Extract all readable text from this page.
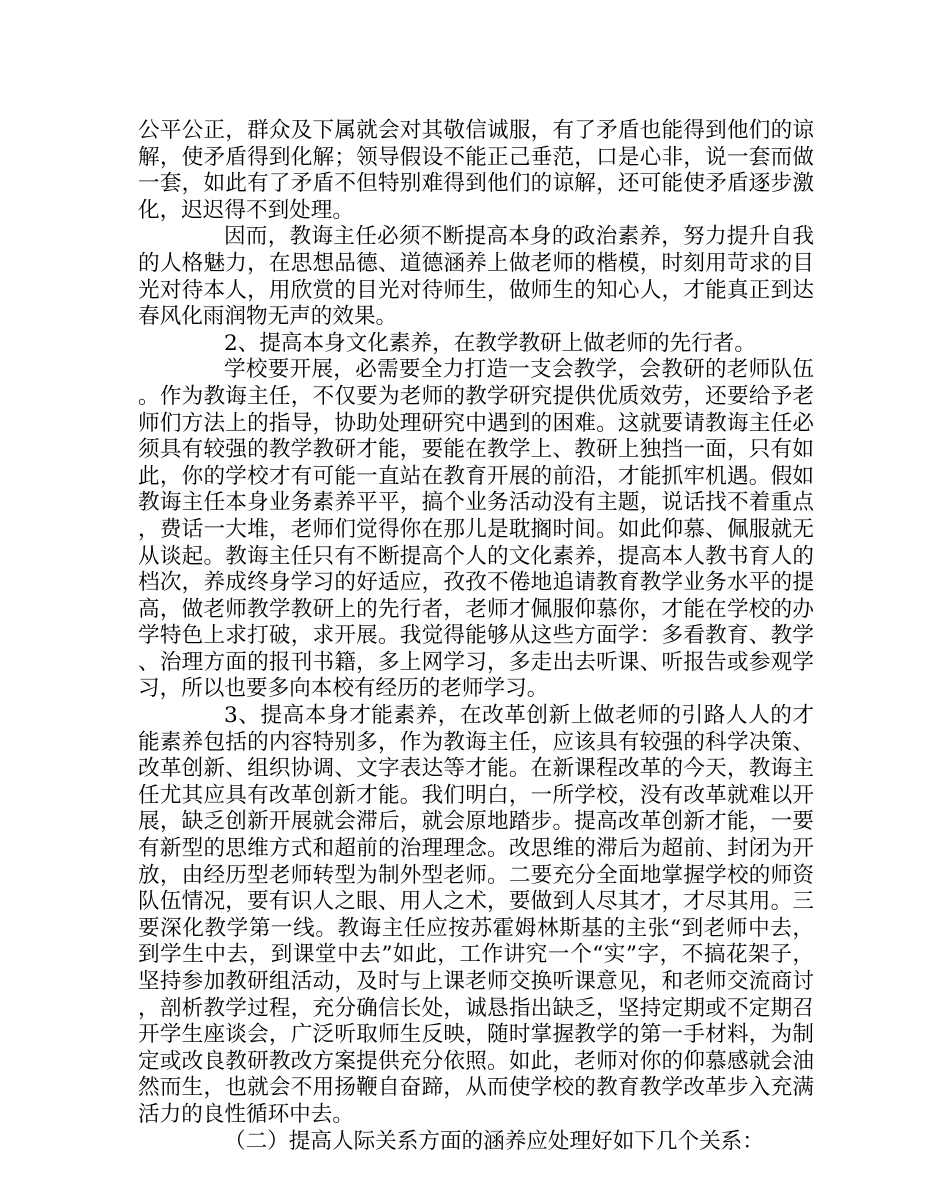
公平公正，群众及下属就会对其敬信诚服，有了矛盾也能得到他们的谅解，使矛盾得到化解；领导假设不能正己垂范，口是心非，说一套而做一套，如此有了矛盾不但特别难得到他们的谅解，还可能使矛盾逐步激化，迟迟得不到处理。

因而，教诲主任必须不断提高本身的政治素养，努力提升自我的人格魅力，在思想品德、道德涵养上做老师的楷模，时刻用苛求的目光对待本人，用欣赏的目光对待师生，做师生的知心人，才能真正到达春风化雨润物无声的效果。

2、提高本身文化素养，在教学教研上做老师的先行者。

学校要开展，必需要全力打造一支会教学，会教研的老师队伍。作为教诲主任，不仅要为老师的教学研究提供优质效劳，还要给予老师们方法上的指导，协助处理研究中遇到的困难。这就要请教诲主任必须具有较强的教学教研才能，要能在教学上、教研上独挡一面，只有如此，你的学校才有可能一直站在教育开展的前沿，才能抓牢机遇。假如教诲主任本身业务素养平平，搞个业务活动没有主题，说话找不着重点，费话一大堆，老师们觉得你在那儿是耽搁时间。如此仰慕、佩服就无从谈起。教诲主任只有不断提高个人的文化素养，提高本人教书育人的档次，养成终身学习的好适应，孜孜不倦地追请教育教学业务水平的提高，做老师教学教研上的先行者，老师才佩服仰慕你，才能在学校的办学特色上求打破，求开展。我觉得能够从这些方面学：多看教育、教学、治理方面的报刊书籍，多上网学习，多走出去听课、听报告或参观学习，所以也要多向本校有经历的老师学习。

3、提高本身才能素养，在改革创新上做老师的引路人人的才能素养包括的内容特别多，作为教诲主任，应该具有较强的科学决策、改革创新、组织协调、文字表达等才能。在新课程改革的今天，教诲主任尤其应具有改革创新才能。我们明白，一所学校，没有改革就难以开展，缺乏创新开展就会滞后，就会原地踏步。提高改革创新才能，一要有新型的思维方式和超前的治理理念。改思维的滞后为超前、封闭为开放，由经历型老师转型为制外型老师。二要充分全面地掌握学校的师资队伍情况，要有识人之眼、用人之术，要做到人尽其才，才尽其用。三要深化教学第一线。教诲主任应按苏霍姆林斯基的主张“到老师中去，到学生中去，到课堂中去”如此，工作讲究一个“实”字，不搞花架子，坚持参加教研组活动，及时与上课老师交换听课意见，和老师交流商讨，剖析教学过程，充分确信长处，诚恳指出缺乏，坚持定期或不定期召开学生座谈会，广泛听取师生反映，随时掌握教学的第一手材料，为制定或改良教研教改方案提供充分依照。如此，老师对你的仰慕感就会油然而生，也就会不用扬鞭自奋蹄，从而使学校的教育教学改革步入充满活力的良性循环中去。

（二）提高人际关系方面的涵养应处理好如下几个关系：
